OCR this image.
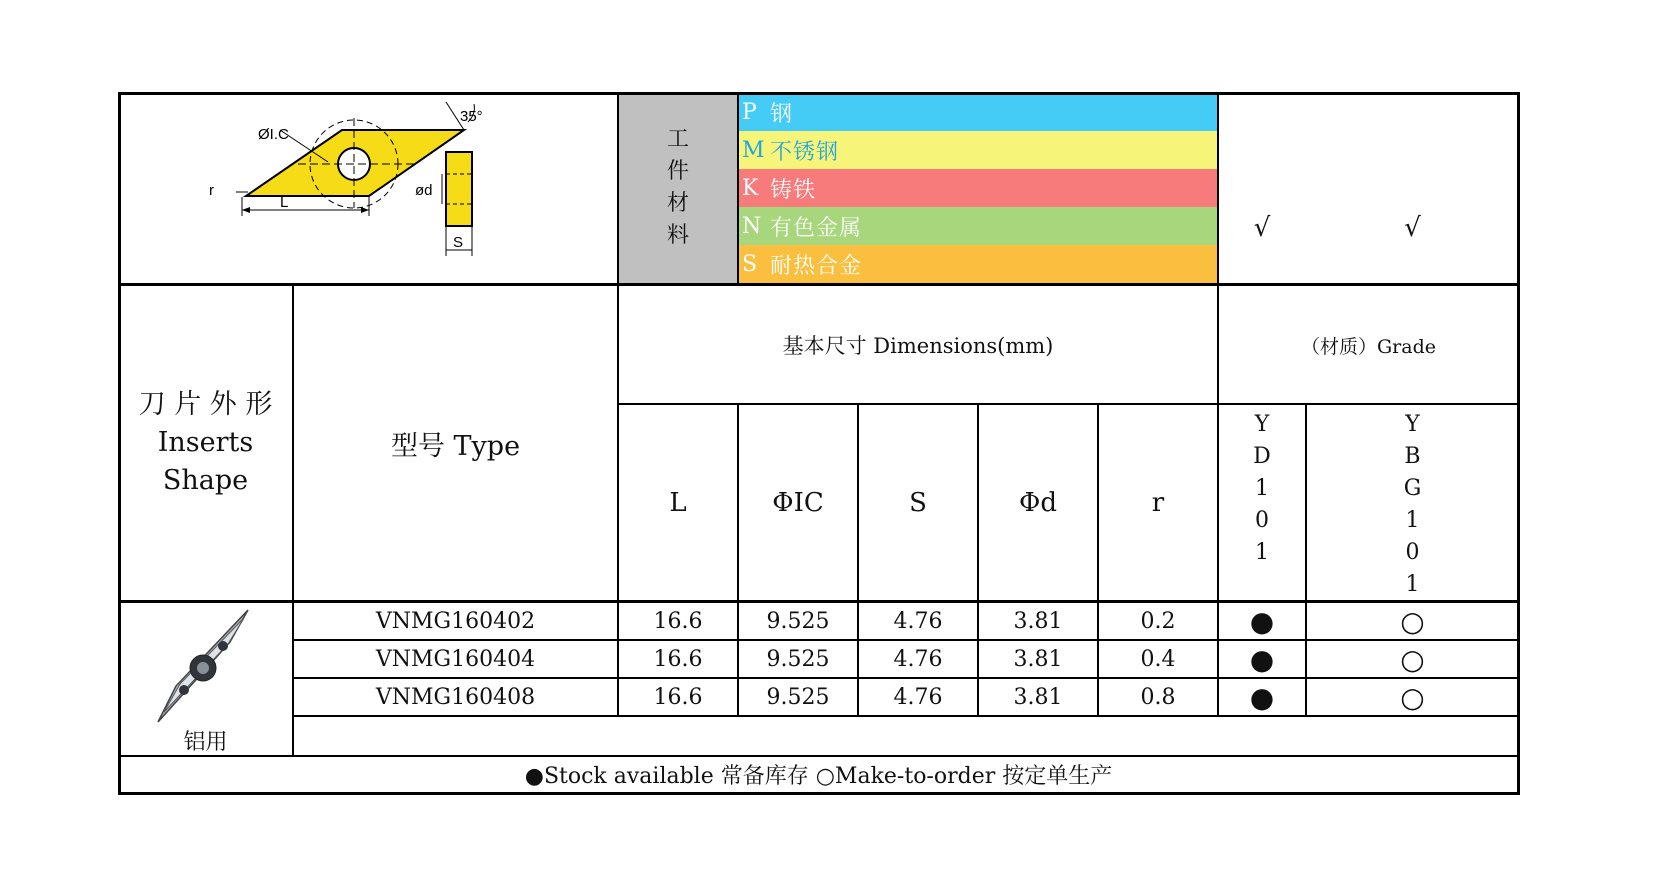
ØI.C
35°
r
L
ød
S
工
件
材
料
P 钢
M 不锈钢
K 铸铁
N 有色金属
S 耐热合金
√	√
刀 片 外 形
Inserts
Shape
型号 Type
基本尺寸 Dimensions(mm)	（材质）Grade
L	ΦIC	S	Φd	r
Y
D
1
0
1
Y
B
G
1
0
1
铝用
VNMG160402	16.6	9.525	4.76	3.81	0.2	●	○
VNMG160404	16.6	9.525	4.76	3.81	0.4	●	○
VNMG160408	16.6	9.525	4.76	3.81	0.8	●	○
●Stock available 常备库存 ○Make-to-order 按定单生产
